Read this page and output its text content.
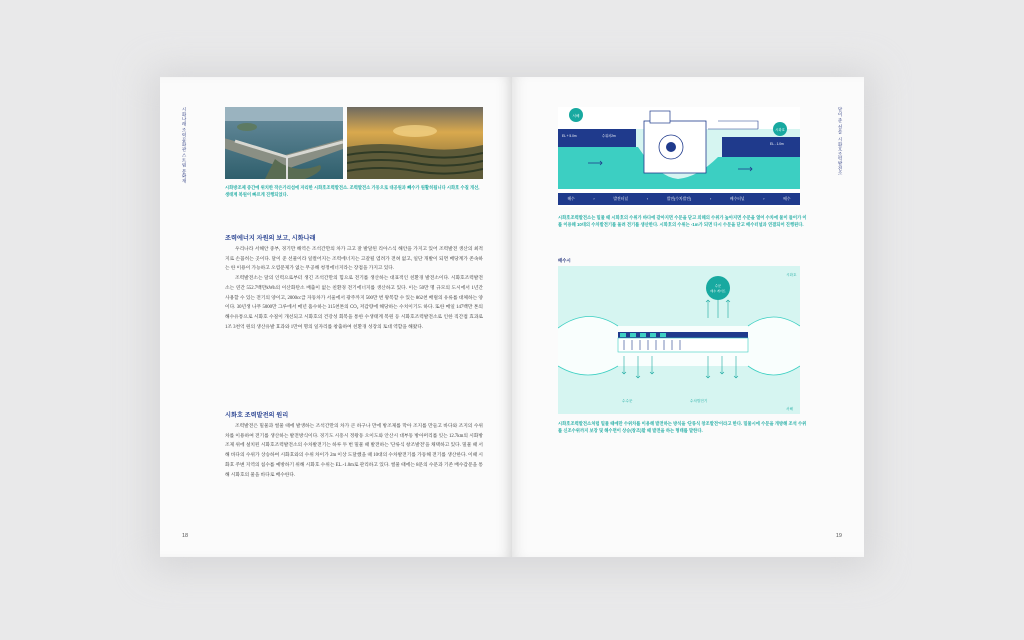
시화나래 조력문화관
스트림 문화재
시화방조제 중간에 위치한 작은가리섬에 자리한 시화호조력발전소. 조력발전소 가동으로 대공원과 빼수가 원활히됩니다 시화호 수질 개선, 생태계 복원이 빠르게 진행되었다.
조력에너지 자원의 보고, 시화나래

우리나라 서해안 중부, 경기만 해역은 조석간만의 차가 크고 잘 발달된 리아스식 해안을 가지고 있어 조력발전 생산의 최적지로 손꼽히는 곳이다. 달이 준 선물이라 일컬어지는 조력에너지는 고갈될 염려가 전혀 없고, 일단 개발이 되면 배당계가 존속하는 한 이용이 가능하고 오염문제가 없는 무공해 청정에너지라는 장점을 가지고 있다.

조력발전소는 달의 인력으로부터 생긴 조석간만의 힘으로 전기를 생산하는 대표적인 친환경 발전소이다. 시화호조력발전소는 연간 552.7백만kWh의 이산화탄소 배출이 없는 친환경 전기에너지를 생산하고 있다. 이는 50만 명 규모의 도시에서 1년간 사용할 수 있는 전기의 양이고, 2000cc급 자동차가 서울에서 광주까지 500만 번 왕복할 수 있는 862천 배럴의 유류를 대체하는 양이다. 30년생 나무 5000만 그루에서 매년 흡수하는 315천톤의 CO₂ 저감량에 해당하는 수치이기도 하다. 또한 매일 147백만 톤의 해수유통으로 시화호 수질이 개선되고 시화호의 건강성 회복을 통한 수생태계 복원 등 시화호조력발전소로 인한 직간접 효과로 1조 3천억 원의 생산유발 효과와 1만여 명의 일자리를 창출하여 친환경 성장의 토대 역할을 해왔다.

시화호 조력발전의 원리

조력발전은 밀물과 썰물 때에 발생하는 조석간만의 차가 큰 하구나 만에 방조제를 막아 조지를 만들고 바다와 조지의 수위차를 이용하여 전기를 생산하는 발전방식이다. 경기도 시흥시 정왕동 오이도와 안산시 대부동 방아머리를 잇는 12.7km의 시화방조제 위에 설치된 시화호조력발전소의 수차발전기는 하루 두 번 밀물 때 발전하는 '단류식 창조발전'을 채택하고 있다. 밀물 때 서해 바다의 수위가 상승하여 시화호와의 수위 차이가 2m 이상 도달했을 때 10대의 수차발전기를 가동해 전기를 생산한다. 이때 시화호 주변 지역의 침수를 예방하기 위해 시화호 수위는 EL.-1.0m로 관리하고 있다. 썰물 때에는 8문의 수문과 기존 배수갑문을 통해 시화호의 물을 바다로 배수한다.

18
달이 준 선물
시화호조력발전소
서해
시화호
EL + 5.0m	수위차2m
EL - 1.0m
해수	›	발전터널	›	발전(수차발전)	›	배수터널	›	배수
시화호조력발전소는 밀물 때 시화호의 수위가 바다에 같아지면 수문을 닫고 외해의 수위가 높아지면 수문을 열어 수차에 물이 들어가 이를 이용해 10대의 수차발전기를 돌려 전기를 생산한다. 시화호의 수위는 -1m가 되면 다시 수문을 닫고 배수터널과 연결되어 진행된다.
배수시
수문
배수 게이트
시화호
수수문	수차발전기
서해
시화호조력발전소처럼 밀물 때에만 수위차를 이용해 발전하는 방식을 '단류식 창조발전'이라고 한다. 밀물시에 수문을 개방해 조석 수위를 신조수위까지 보장 및 해수면이 상승(창조)할 때 발전을 하는 형태를 말한다.
19
